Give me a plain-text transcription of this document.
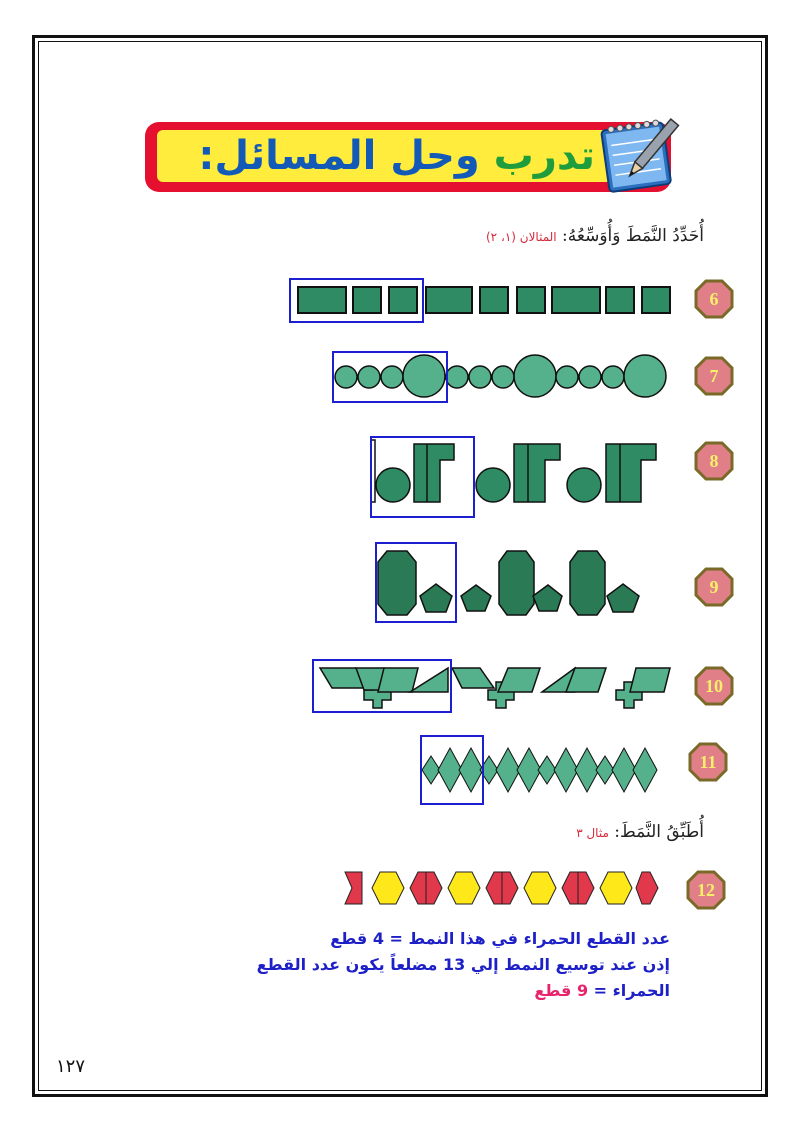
تدرب وحل المسائل:
أُحَدِّدُ النَّمَطَ وَأُوَسِّعُهُ: المثالان (١، ٢)
6
7
8
9
10
11
12
أُطَبِّقُ النَّمَطَ: مثال ٣
عدد القطع الحمراء في هذا النمط = 4 قطع
إذن عند توسيع النمط إلي 13 مضلعاً يكون عدد القطع
الحمراء = 9 قطع
١٢٧
